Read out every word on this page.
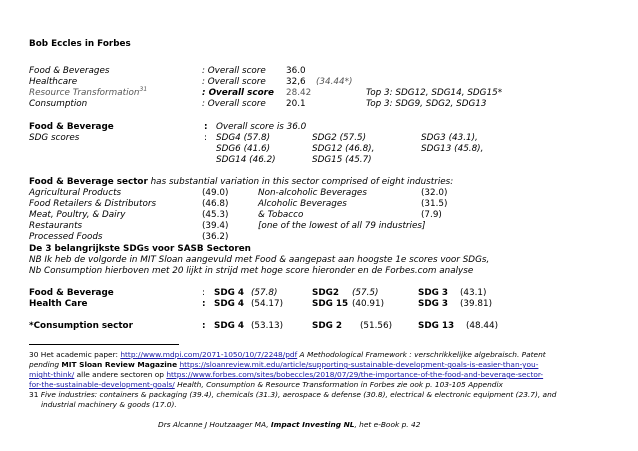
Bob Eccles in Forbes
Food & Beverages	: Overall score 36.0
Healthcare	: Overall score 32,6 (34.44*)
Resource Transformation$^{31}$	: Overall score 28.42	Top 3: SDG12, SDG14, SDG15*
Consumption	: Overall score 20.1	Top 3: SDG9, SDG2, SDG13
Food & Beverage	: Overall score is 36.0
SDG scores	: SDG4 (57.8)	SDG2 (57.5)	SDG3 (43.1),
SDG6 (41.6)	SDG12 (46.8),	SDG13 (45.8),
SDG14 (46.2)	SDG15 (45.7)
Food & Beverage sector has substantial variation in this sector comprised of eight industries:
Agricultural Products	(49.0)	Non-alcoholic Beverages	(32.0)
Food Retailers & Distributors	(46.8)	Alcoholic Beverages	(31.5)
Meat, Poultry, & Dairy	(45.3)	& Tobacco	(7.9)
Restaurants	(39.4)	[one of the lowest of all 79 industries]
Processed Foods	(36.2)
De 3 belangrijkste SDGs voor SASB Sectoren
NB Ik heb de volgorde in MIT Sloan aangevuld met Food & aangepast aan hoogste 1e scores voor SDGs,
Nb Consumption hierboven met 20 lijkt in strijd met hoge score hieronder en de Forbes.com analyse
Food & Beverage	: SDG 4 (57.8)	SDG2 (57.5)	SDG 3 (43.1)
Health Care	: SDG 4 (54.17)	SDG 15 (40.91)	SDG 3 (39.81)
*Consumption sector	: SDG 4 (53.13)	SDG 2 (51.56)	SDG 13 (48.44)
30 Het academic paper: http://www.mdpi.com/2071-1050/10/7/2248/pdf A Methodological Framework : verschrikkelijke algebraisch. Patent
pending MIT Sloan Review Magazine https://sloanreview.mit.edu/article/supporting-sustainable-development-goals-is-easier-than-you-
might-think/ alle andere sectoren op https://www.forbes.com/sites/bobeccles/2018/07/29/the-importance-of-the-food-and-beverage-sector-
for-the-sustainable-development-goals/ Health, Consumption & Resource Transformation in Forbes zie ook p. 103-105 Appendix
31 Five industries: containers & packaging (39.4), chemicals (31.3), aerospace & defense (30.8), electrical & electronic equipment (23.7), and
industrial machinery & goods (17.0).
Drs Alcanne J Houtzaager MA, Impact Investing NL, het e-Book p. 42
